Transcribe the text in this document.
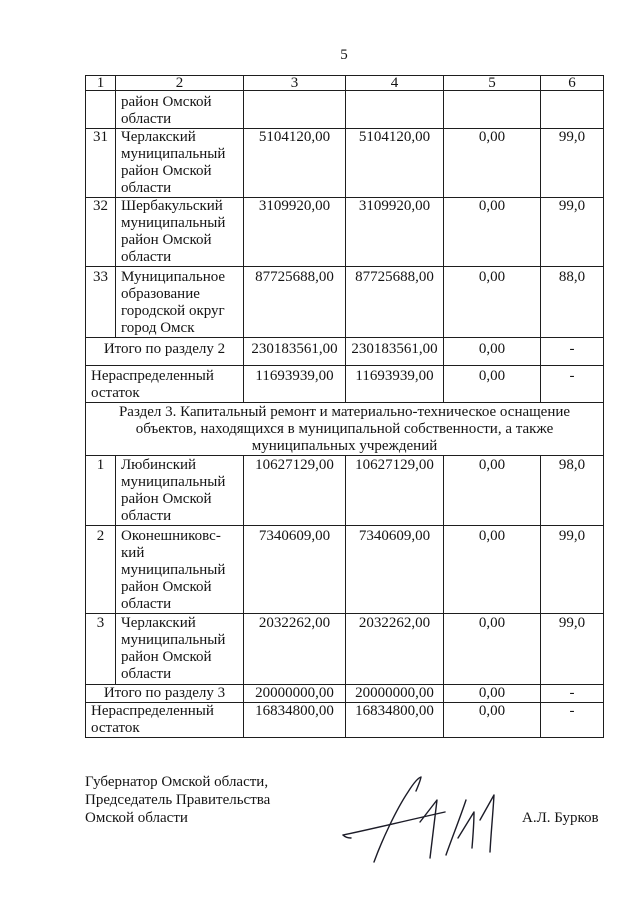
5
1	2	3	4	5	6
	район Омской
области				
31	Черлакский
муниципальный
район Омской
области	5104120,00	5104120,00	0,00	99,0
32	Шербакульский
муниципальный
район Омской
области	3109920,00	3109920,00	0,00	99,0
33	Муниципальное
образование
городской округ
город Омск	87725688,00	87725688,00	0,00	88,0
Итого по разделу 2		230183561,00	230183561,00	0,00	-
Нераспределенный
остаток		11693939,00	11693939,00	0,00	-
Раздел 3. Капитальный ремонт и материально-техническое оснащение
объектов, находящихся в муниципальной собственности, а также
муниципальных учреждений					
1	Любинский
муниципальный
район Омской
области	10627129,00	10627129,00	0,00	98,0
2	Оконешниковс-
кий
муниципальный
район Омской
области	7340609,00	7340609,00	0,00	99,0
3	Черлакский
муниципальный
район Омской
области	2032262,00	2032262,00	0,00	99,0
Итого по разделу 3		20000000,00	20000000,00	0,00	-
Нераспределенный
остаток		16834800,00	16834800,00	0,00	-
Губернатор Омской области,
Председатель Правительства
Омской области	А.Л. Бурков
